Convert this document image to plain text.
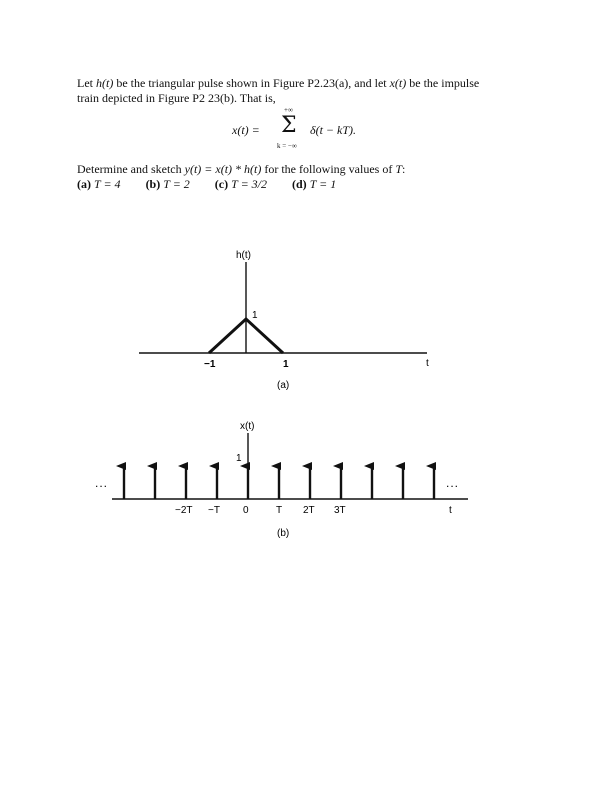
Let h(t) be the triangular pulse shown in Figure P2.23(a), and let x(t) be the impulse
train depicted in Figure P2 23(b). That is,
x(t) =
+∞
Σ
k = −∞
δ(t − kT).
Determine and sketch y(t) = x(t) * h(t) for the following values of T:
(a) T = 4 (b) T = 2 (c) T = 3/2 (d) T = 1
h(t)
1
−1	1	t
(a)
x(t)
1
...	...
−2T −T 0	T 2T 3T	t
(b)
